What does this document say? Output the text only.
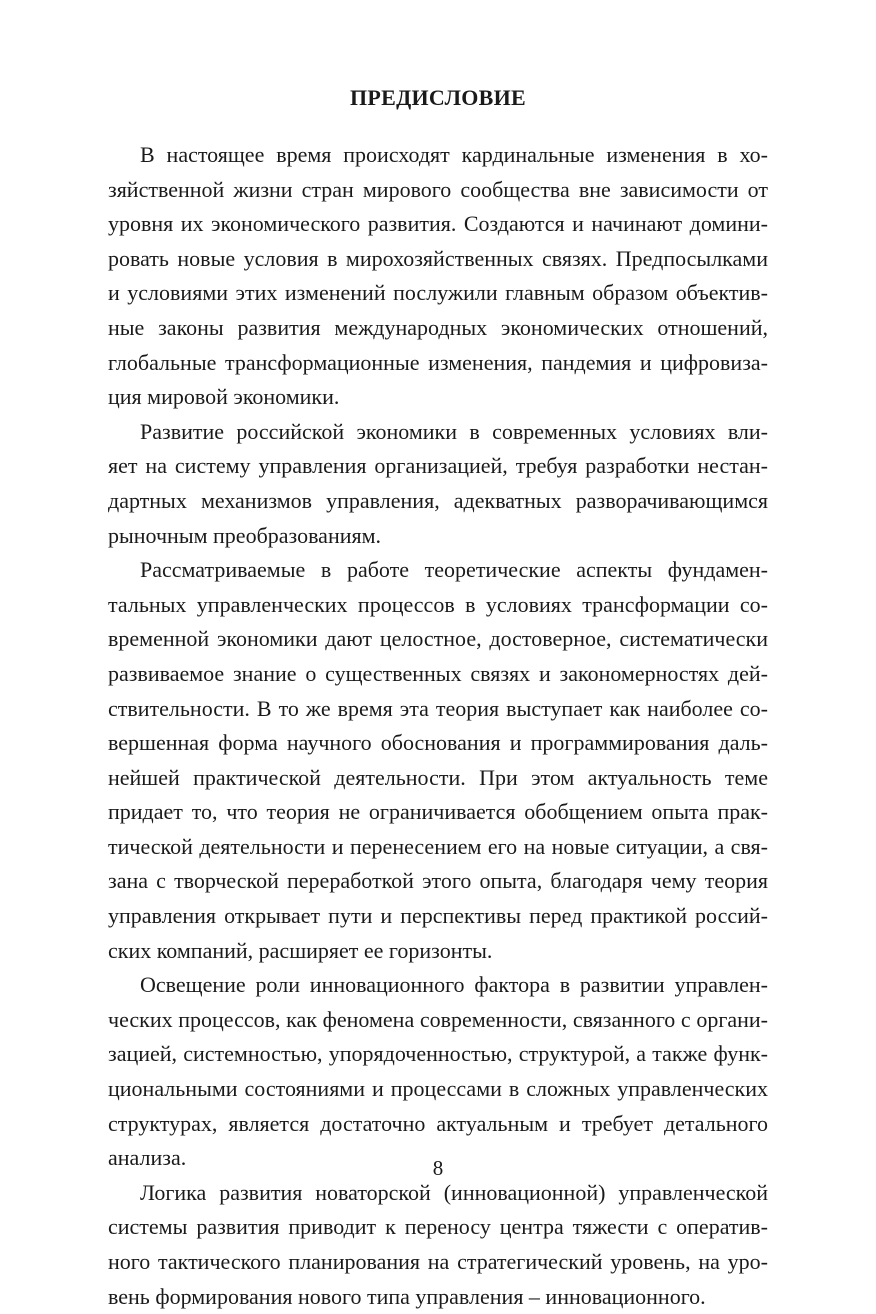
ПРЕДИСЛОВИЕ
В настоящее время происходят кардинальные изменения в хо-
зяйственной жизни стран мирового сообщества вне зависимости от
уровня их экономического развития. Создаются и начинают домини-
ровать новые условия в мирохозяйственных связях. Предпосылками
и условиями этих изменений послужили главным образом объектив-
ные законы развития международных экономических отношений,
глобальные трансформационные изменения, пандемия и цифровиза-
ция мировой экономики.
Развитие российской экономики в современных условиях вли-
яет на систему управления организацией, требуя разработки нестан-
дартных механизмов управления, адекватных разворачивающимся
рыночным преобразованиям.
Рассматриваемые в работе теоретические аспекты фундамен-
тальных управленческих процессов в условиях трансформации со-
временной экономики дают целостное, достоверное, систематически
развиваемое знание о существенных связях и закономерностях дей-
ствительности. В то же время эта теория выступает как наиболее со-
вершенная форма научного обоснования и программирования даль-
нейшей практической деятельности. При этом актуальность теме
придает то, что теория не ограничивается обобщением опыта прак-
тической деятельности и перенесением его на новые ситуации, а свя-
зана с творческой переработкой этого опыта, благодаря чему теория
управления открывает пути и перспективы перед практикой россий-
ских компаний, расширяет ее горизонты.
Освещение роли инновационного фактора в развитии управлен-
ческих процессов, как феномена современности, связанного с органи-
зацией, системностью, упорядоченностью, структурой, а также функ-
циональными состояниями и процессами в сложных управленческих
структурах, является достаточно актуальным и требует детального
анализа.
Логика развития новаторской (инновационной) управленческой
системы развития приводит к переносу центра тяжести с оператив-
ного тактического планирования на стратегический уровень, на уро-
вень формирования нового типа управления – инновационного.
8
